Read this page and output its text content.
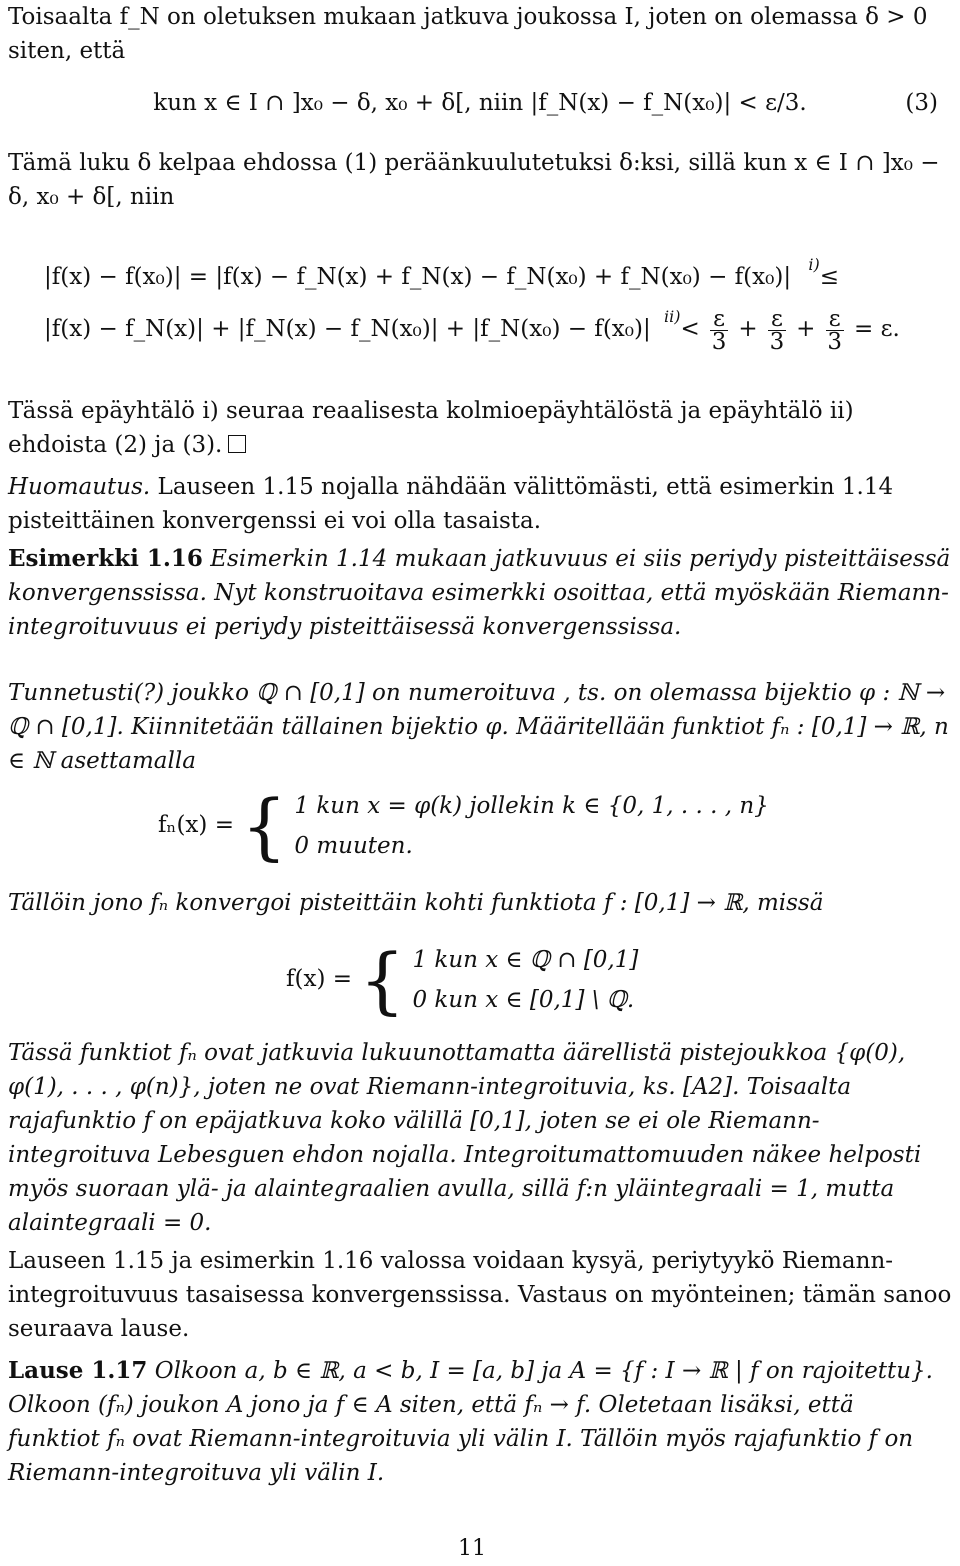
Toisaalta f_N on oletuksen mukaan jatkuva joukossa I, joten on olemassa δ > 0 siten, että

kun x ∈ I ∩ ]x₀ − δ, x₀ + δ[, niin |f_N(x) − f_N(x₀)| < ε/3.	(3)

Tämä luku δ kelpaa ehdossa (1) peräänkuulutetuksi δ:ksi, sillä kun x ∈ I ∩ ]x₀ − δ, x₀ + δ[, niin

|f(x) − f(x₀)| = |f(x) − f_N(x) + f_N(x) − f_N(x₀) + f_N(x₀) − f(x₀)| $^{i)}$≤
|f(x) − f_N(x)| + |f_N(x) − f_N(x₀)| + |f_N(x₀) − f(x₀)| $^{ii)}< \frac{\varepsilon}{3} + \frac{\varepsilon}{3} + \frac{\varepsilon}{3} = \varepsilon$.

Tässä epäyhtälö i) seuraa reaalisesta kolmioepäyhtälöstä ja epäyhtälö ii) ehdoista (2) ja (3).

Huomautus. Lauseen 1.15 nojalla nähdään välittömästi, että esimerkin 1.14 pisteittäinen konvergenssi ei voi olla tasaista.

Esimerkki 1.16 Esimerkin 1.14 mukaan jatkuvuus ei siis periydy pisteittäisessä konvergenssissa. Nyt konstruoitava esimerkki osoittaa, että myöskään Riemann-integroituvuus ei periydy pisteittäisessä konvergenssissa.

Tunnetusti(?) joukko ℚ ∩ [0,1] on numeroituva , ts. on olemassa bijektio φ : ℕ → ℚ ∩ [0,1]. Kiinnitetään tällainen bijektio φ. Määritellään funktiot fₙ : [0,1] → ℝ, n ∈ ℕ asettamalla

fₙ(x) = { 1 kun x = φ(k) jollekin k ∈ {0, 1, . . . , n}
0 muuten.

Tällöin jono fₙ konvergoi pisteittäin kohti funktiota f : [0,1] → ℝ, missä

f(x) = { 1 kun x ∈ ℚ ∩ [0,1]
0 kun x ∈ [0,1] \ ℚ.

Tässä funktiot fₙ ovat jatkuvia lukuunottamatta äärellistä pistejoukkoa {φ(0), φ(1), . . . , φ(n)}, joten ne ovat Riemann-integroituvia, ks. [A2]. Toisaalta rajafunktio f on epäjatkuva koko välillä [0,1], joten se ei ole Riemann-integroituva Lebesguen ehdon nojalla. Integroitumattomuuden näkee helposti myös suoraan ylä- ja alaintegraalien avulla, sillä f:n yläintegraali = 1, mutta alaintegraali = 0.

Lauseen 1.15 ja esimerkin 1.16 valossa voidaan kysyä, periytyykö Riemann-integroituvuus tasaisessa konvergenssissa. Vastaus on myönteinen; tämän sanoo seuraava lause.

Lause 1.17 Olkoon a, b ∈ ℝ, a < b, I = [a, b] ja A = {f : I → ℝ | f on rajoitettu}. Olkoon (fₙ) joukon A jono ja f ∈ A siten, että fₙ → f. Oletetaan lisäksi, että funktiot fₙ ovat Riemann-integroituvia yli välin I. Tällöin myös rajafunktio f on Riemann-integroituva yli välin I.

11
